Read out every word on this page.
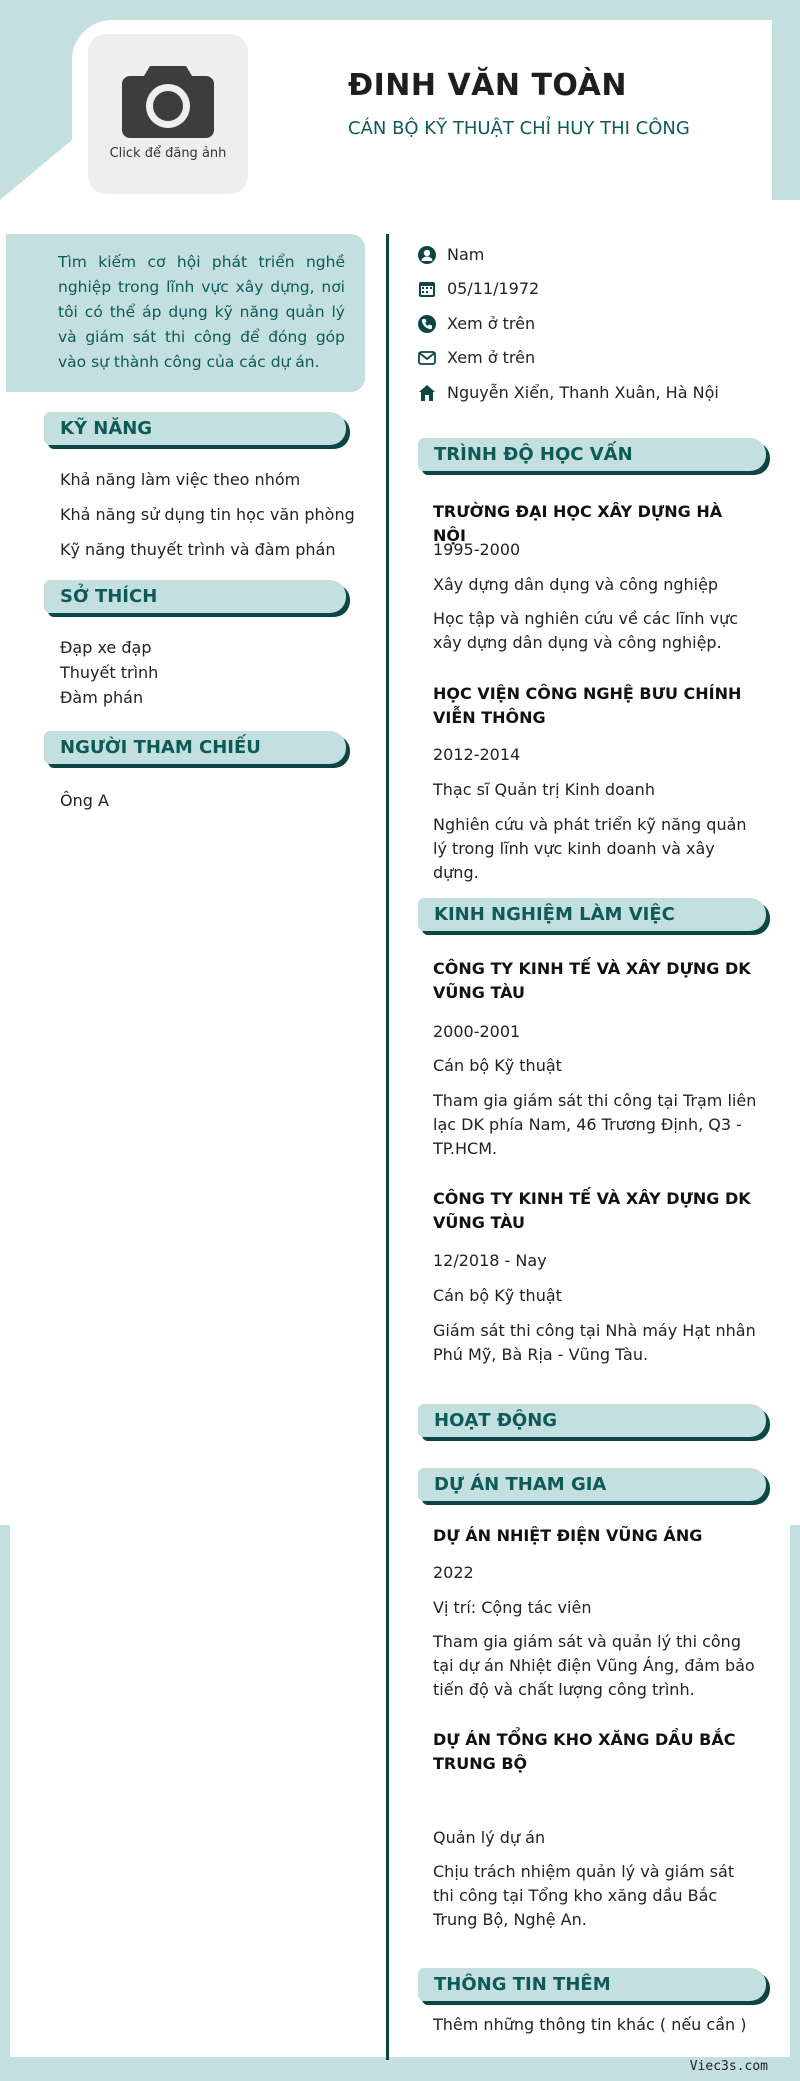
Click để đăng ảnh
ĐINH VĂN TOÀN
CÁN BỘ KỸ THUẬT CHỈ HUY THI CÔNG
Tìm kiếm cơ hội phát triển nghề nghiệp trong lĩnh vực xây dựng, nơi tôi có thể áp dụng kỹ năng quản lý và giám sát thi công để đóng góp vào sự thành công của các dự án.
KỸ NĂNG
Khả năng làm việc theo nhóm
Khả năng sử dụng tin học văn phòng
Kỹ năng thuyết trình và đàm phán
SỞ THÍCH
Đạp xe đạp
Thuyết trình
Đàm phán
NGƯỜI THAM CHIẾU
Ông A
Nam
05/11/1972
Xem ở trên
Xem ở trên
Nguyễn Xiển, Thanh Xuân, Hà Nội
TRÌNH ĐỘ HỌC VẤN
TRƯỜNG ĐẠI HỌC XÂY DỰNG HÀ NỘI
1995-2000
Xây dựng dân dụng và công nghiệp
Học tập và nghiên cứu về các lĩnh vực xây dựng dân dụng và công nghiệp.
HỌC VIỆN CÔNG NGHỆ BƯU CHÍNH VIỄN THÔNG
2012-2014
Thạc sĩ Quản trị Kinh doanh
Nghiên cứu và phát triển kỹ năng quản lý trong lĩnh vực kinh doanh và xây dựng.
KINH NGHIỆM LÀM VIỆC
CÔNG TY KINH TẾ VÀ XÂY DỰNG DK VŨNG TÀU
2000-2001
Cán bộ Kỹ thuật
Tham gia giám sát thi công tại Trạm liên lạc DK phía Nam, 46 Trương Định, Q3 - TP.HCM.
CÔNG TY KINH TẾ VÀ XÂY DỰNG DK VŨNG TÀU
12/2018 - Nay
Cán bộ Kỹ thuật
Giám sát thi công tại Nhà máy Hạt nhân Phú Mỹ, Bà Rịa - Vũng Tàu.
HOẠT ĐỘNG
DỰ ÁN THAM GIA
DỰ ÁN NHIỆT ĐIỆN VŨNG ÁNG
2022
Vị trí: Cộng tác viên
Tham gia giám sát và quản lý thi công tại dự án Nhiệt điện Vũng Áng, đảm bảo tiến độ và chất lượng công trình.
DỰ ÁN TỔNG KHO XĂNG DẦU BẮC TRUNG BỘ
Quản lý dự án
Chịu trách nhiệm quản lý và giám sát thi công tại Tổng kho xăng dầu Bắc Trung Bộ, Nghệ An.
THÔNG TIN THÊM
Thêm những thông tin khác ( nếu cần )
Viec3s.com
